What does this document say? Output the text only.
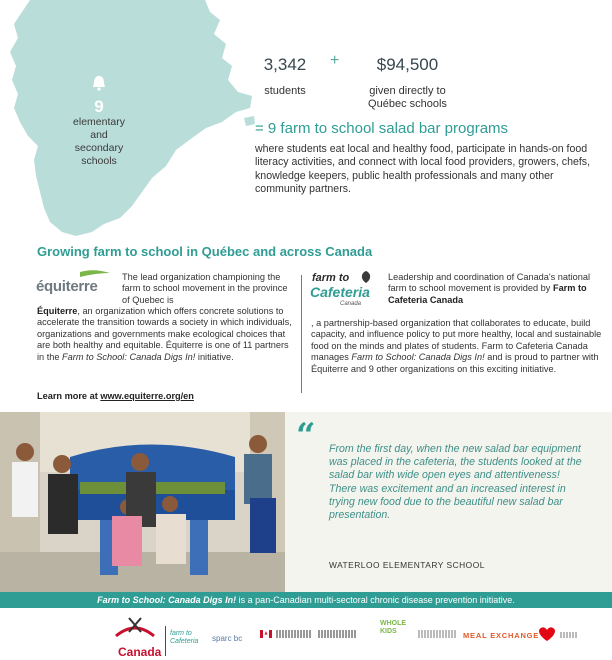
9
elementary
and
secondary
schools
3,342
students
+	$94,500
given directly to
Québec schools
= 9 farm to school salad bar programs
where students eat local and healthy food, participate in hands-on food literacy activities, and connect with local food providers, growers, chefs, knowledge keepers, public health professionals and many other community partners.
Growing farm to school in Québec and across Canada
équiterre
The lead organization championing the farm to school movement in the province of Quebec is
Équiterre, an organization which offers concrete solutions to accelerate the transition towards a society in which individuals, organizations and governments make ecological choices that are both healthy and equitable. Équiterre is one of 11 partners in the Farm to School: Canada Digs In! initiative.
Learn more at www.equiterre.org/en
farm to
Cafeteria
Canada
Leadership and coordination of Canada's national farm to school movement is provided by Farm to Cafeteria Canada
, a partnership-based organization that collaborates to educate, build capacity, and influence policy to put more healthy, local and sustainable food on the minds and plates of students. Farm to Cafeteria Canada manages Farm to School: Canada Digs In! and is proud to partner with Équiterre and 9 other organizations on this exciting initiative.
“ From the first day, when the new salad bar equipment was placed in the cafeteria, the students looked at the salad bar with wide open eyes and attentiveness! There was excitement and an increased interest in trying new food due to the beautiful new salad bar presentation.
WATERLOO ELEMENTARY SCHOOL
Farm to School: Canada Digs In! is a pan-Canadian multi-sectoral chronic disease prevention initiative.
Canada
farm to Cafeteria	sparc bc
WHOLE KIDS	MEAL EXCHANGE
